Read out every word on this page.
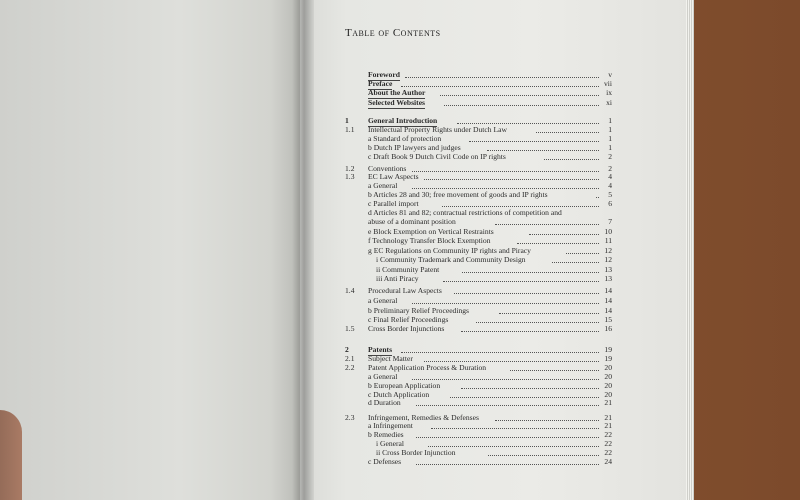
Table of Contents
Foreword	v
Preface	vii
About the Author	ix
Selected Websites	xi
1	General Introduction	1
1.1 Intellectual Property Rights under Dutch Law	1
a Standard of protection	1
b Dutch IP lawyers and judges	1
c Draft Book 9 Dutch Civil Code on IP rights	2
1.2 Conventions	2
1.3 EC Law Aspects	4
a General	4
b Articles 28 and 30; free movement of goods and IP rights	5
c Parallel import	6
d Articles 81 and 82; contractual restrictions of competition and
abuse of a dominant position	7
e Block Exemption on Vertical Restraints	10
f Technology Transfer Block Exemption	11
g EC Regulations on Community IP rights and Piracy	12
i Community Trademark and Community Design	12
ii Community Patent	13
iii Anti Piracy	13
1.4 Procedural Law Aspects	14
a General	14
b Preliminary Relief Proceedings	14
c Final Relief Proceedings	15
1.5 Cross Border Injunctions	16
2	Patents	19
2.1 Subject Matter	19
2.2 Patent Application Process & Duration	20
a General	20
b European Application	20
c Dutch Application	20
d Duration	21
2.3 Infringement, Remedies & Defenses	21
a Infringement	21
b Remedies	22
i General	22
ii Cross Border Injunction	22
c Defenses	24
